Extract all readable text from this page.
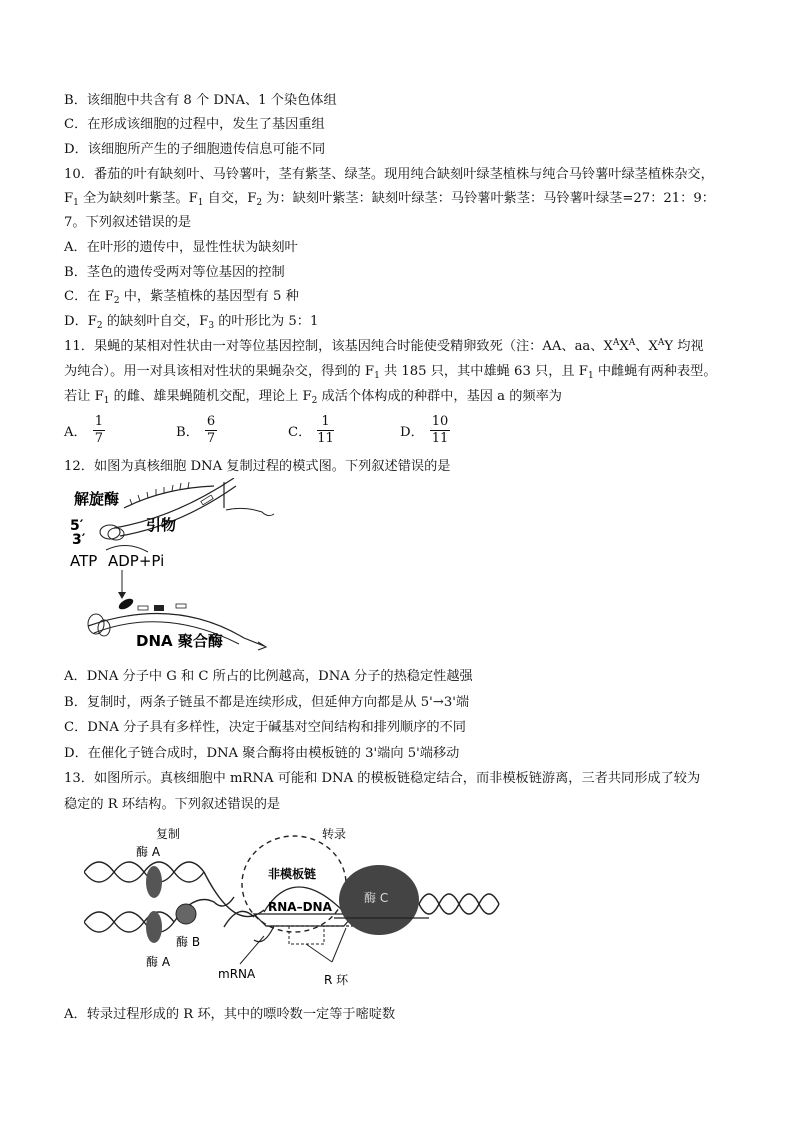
B．该细胞中共含有 8 个 DNA、1 个染色体组
C．在形成该细胞的过程中，发生了基因重组
D．该细胞所产生的子细胞遗传信息可能不同
10．番茄的叶有缺刻叶、马铃薯叶，茎有紫茎、绿茎。现用纯合缺刻叶绿茎植株与纯合马铃薯叶绿茎植株杂交，
$F_1$ 全为缺刻叶紫茎。$F_1$ 自交，$F_2$ 为：缺刻叶紫茎：缺刻叶绿茎：马铃薯叶紫茎：马铃薯叶绿茎=27：21：9：
7。下列叙述错误的是
A．在叶形的遗传中，显性性状为缺刻叶
B．茎色的遗传受两对等位基因的控制
C．在 $F_2$ 中，紫茎植株的基因型有 5 种
D．$F_2$ 的缺刻叶自交，$F_3$ 的叶形比为 5：1
11．果蝇的某相对性状由一对等位基因控制，该基因纯合时能使受精卵致死（注：AA、aa、$X^AX^A$、$X^AY$ 均视
为纯合）。用一对具该相对性状的果蝇杂交，得到的 $F_1$ 共 185 只，其中雄蝇 63 只，且 $F_1$ 中雌蝇有两种表型。
若让 $F_1$ 的雌、雄果蝇随机交配，理论上 $F_2$ 成活个体构成的种群中，基因 a 的频率为
A． $\frac{1}{7}$	B． $\frac{6}{7}$	C． $\frac{1}{11}$	D． $\frac{10}{11}$
12．如图为真核细胞 DNA 复制过程的模式图。下列叙述错误的是
解旋酶
引物
5′
3′
ATP ADP+Pi
DNA 聚合酶
A．DNA 分子中 G 和 C 所占的比例越高，DNA 分子的热稳定性越强
B．复制时，两条子链虽不都是连续形成，但延伸方向都是从 5'→3'端
C．DNA 分子具有多样性，决定于碱基对空间结构和排列顺序的不同
D．在催化子链合成时，DNA 聚合酶将由模板链的 3'端向 5'端移动
13．如图所示。真核细胞中 mRNA 可能和 DNA 的模板链稳定结合，而非模板链游离，三者共同形成了较为
稳定的 R 环结构。下列叙述错误的是
复制	转录
酶 A
酶 A
酶 B
酶 C
非模板链
RNA–DNA
mRNA	R 环
A．转录过程形成的 R 环，其中的嘌呤数一定等于嘧啶数
